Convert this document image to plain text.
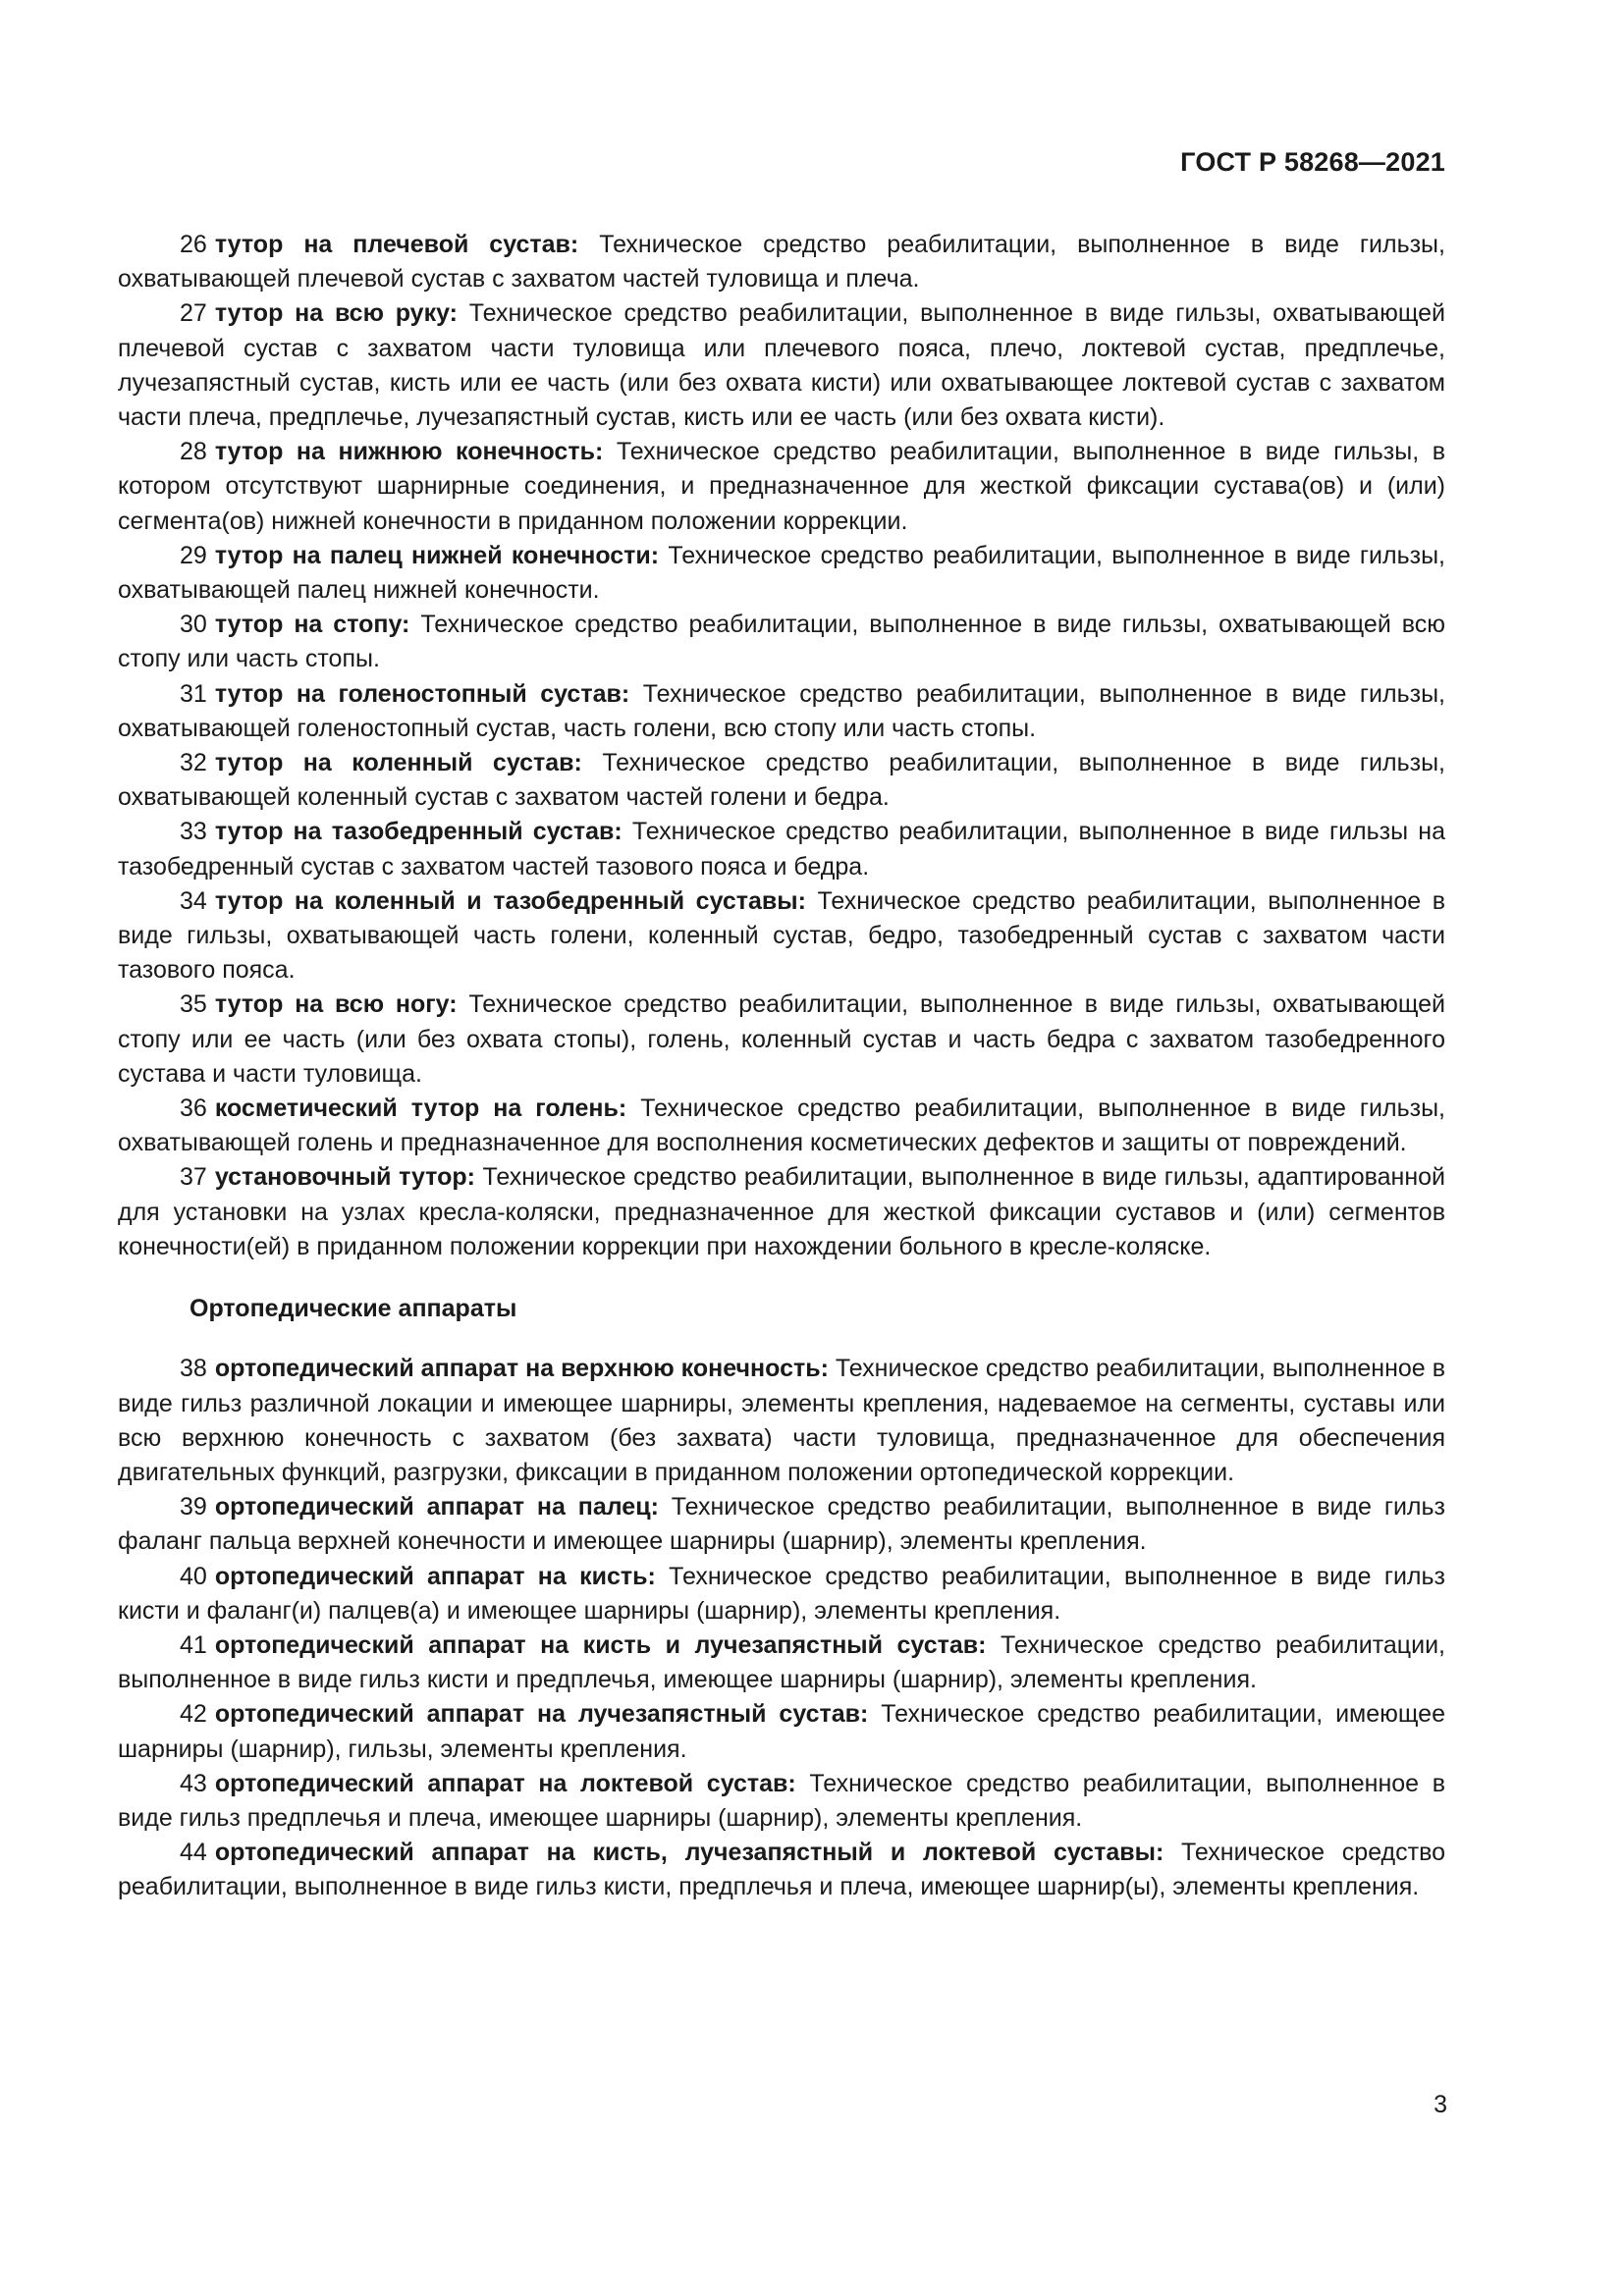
ГОСТ Р 58268—2021

26 тутор на плечевой сустав: Техническое средство реабилитации, выполненное в виде гильзы, охватывающей плечевой сустав с захватом частей туловища и плеча.

27 тутор на всю руку: Техническое средство реабилитации, выполненное в виде гильзы, охватывающей плечевой сустав с захватом части туловища или плечевого пояса, плечо, локтевой сустав, предплечье, лучезапястный сустав, кисть или ее часть (или без охвата кисти) или охватывающее локтевой сустав с захватом части плеча, предплечье, лучезапястный сустав, кисть или ее часть (или без охвата кисти).

28 тутор на нижнюю конечность: Техническое средство реабилитации, выполненное в виде гильзы, в котором отсутствуют шарнирные соединения, и предназначенное для жесткой фиксации сустава(ов) и (или) сегмента(ов) нижней конечности в приданном положении коррекции.

29 тутор на палец нижней конечности: Техническое средство реабилитации, выполненное в виде гильзы, охватывающей палец нижней конечности.

30 тутор на стопу: Техническое средство реабилитации, выполненное в виде гильзы, охватывающей всю стопу или часть стопы.

31 тутор на голеностопный сустав: Техническое средство реабилитации, выполненное в виде гильзы, охватывающей голеностопный сустав, часть голени, всю стопу или часть стопы.

32 тутор на коленный сустав: Техническое средство реабилитации, выполненное в виде гильзы, охватывающей коленный сустав с захватом частей голени и бедра.

33 тутор на тазобедренный сустав: Техническое средство реабилитации, выполненное в виде гильзы на тазобедренный сустав с захватом частей тазового пояса и бедра.

34 тутор на коленный и тазобедренный суставы: Техническое средство реабилитации, выполненное в виде гильзы, охватывающей часть голени, коленный сустав, бедро, тазобедренный сустав с захватом части тазового пояса.

35 тутор на всю ногу: Техническое средство реабилитации, выполненное в виде гильзы, охватывающей стопу или ее часть (или без охвата стопы), голень, коленный сустав и часть бедра с захватом тазобедренного сустава и части туловища.

36 косметический тутор на голень: Техническое средство реабилитации, выполненное в виде гильзы, охватывающей голень и предназначенное для восполнения косметических дефектов и защиты от повреждений.

37 установочный тутор: Техническое средство реабилитации, выполненное в виде гильзы, адаптированной для установки на узлах кресла-коляски, предназначенное для жесткой фиксации суставов и (или) сегментов конечности(ей) в приданном положении коррекции при нахождении больного в кресле-коляске.

Ортопедические аппараты

38 ортопедический аппарат на верхнюю конечность: Техническое средство реабилитации, выполненное в виде гильз различной локации и имеющее шарниры, элементы крепления, надеваемое на сегменты, суставы или всю верхнюю конечность с захватом (без захвата) части туловища, предназначенное для обеспечения двигательных функций, разгрузки, фиксации в приданном положении ортопедической коррекции.

39 ортопедический аппарат на палец: Техническое средство реабилитации, выполненное в виде гильз фаланг пальца верхней конечности и имеющее шарниры (шарнир), элементы крепления.

40 ортопедический аппарат на кисть: Техническое средство реабилитации, выполненное в виде гильз кисти и фаланг(и) палцев(а) и имеющее шарниры (шарнир), элементы крепления.

41 ортопедический аппарат на кисть и лучезапястный сустав: Техническое средство реабилитации, выполненное в виде гильз кисти и предплечья, имеющее шарниры (шарнир), элементы крепления.

42 ортопедический аппарат на лучезапястный сустав: Техническое средство реабилитации, имеющее шарниры (шарнир), гильзы, элементы крепления.

43 ортопедический аппарат на локтевой сустав: Техническое средство реабилитации, выполненное в виде гильз предплечья и плеча, имеющее шарниры (шарнир), элементы крепления.

44 ортопедический аппарат на кисть, лучезапястный и локтевой суставы: Техническое средство реабилитации, выполненное в виде гильз кисти, предплечья и плеча, имеющее шарнир(ы), элементы крепления.

3
